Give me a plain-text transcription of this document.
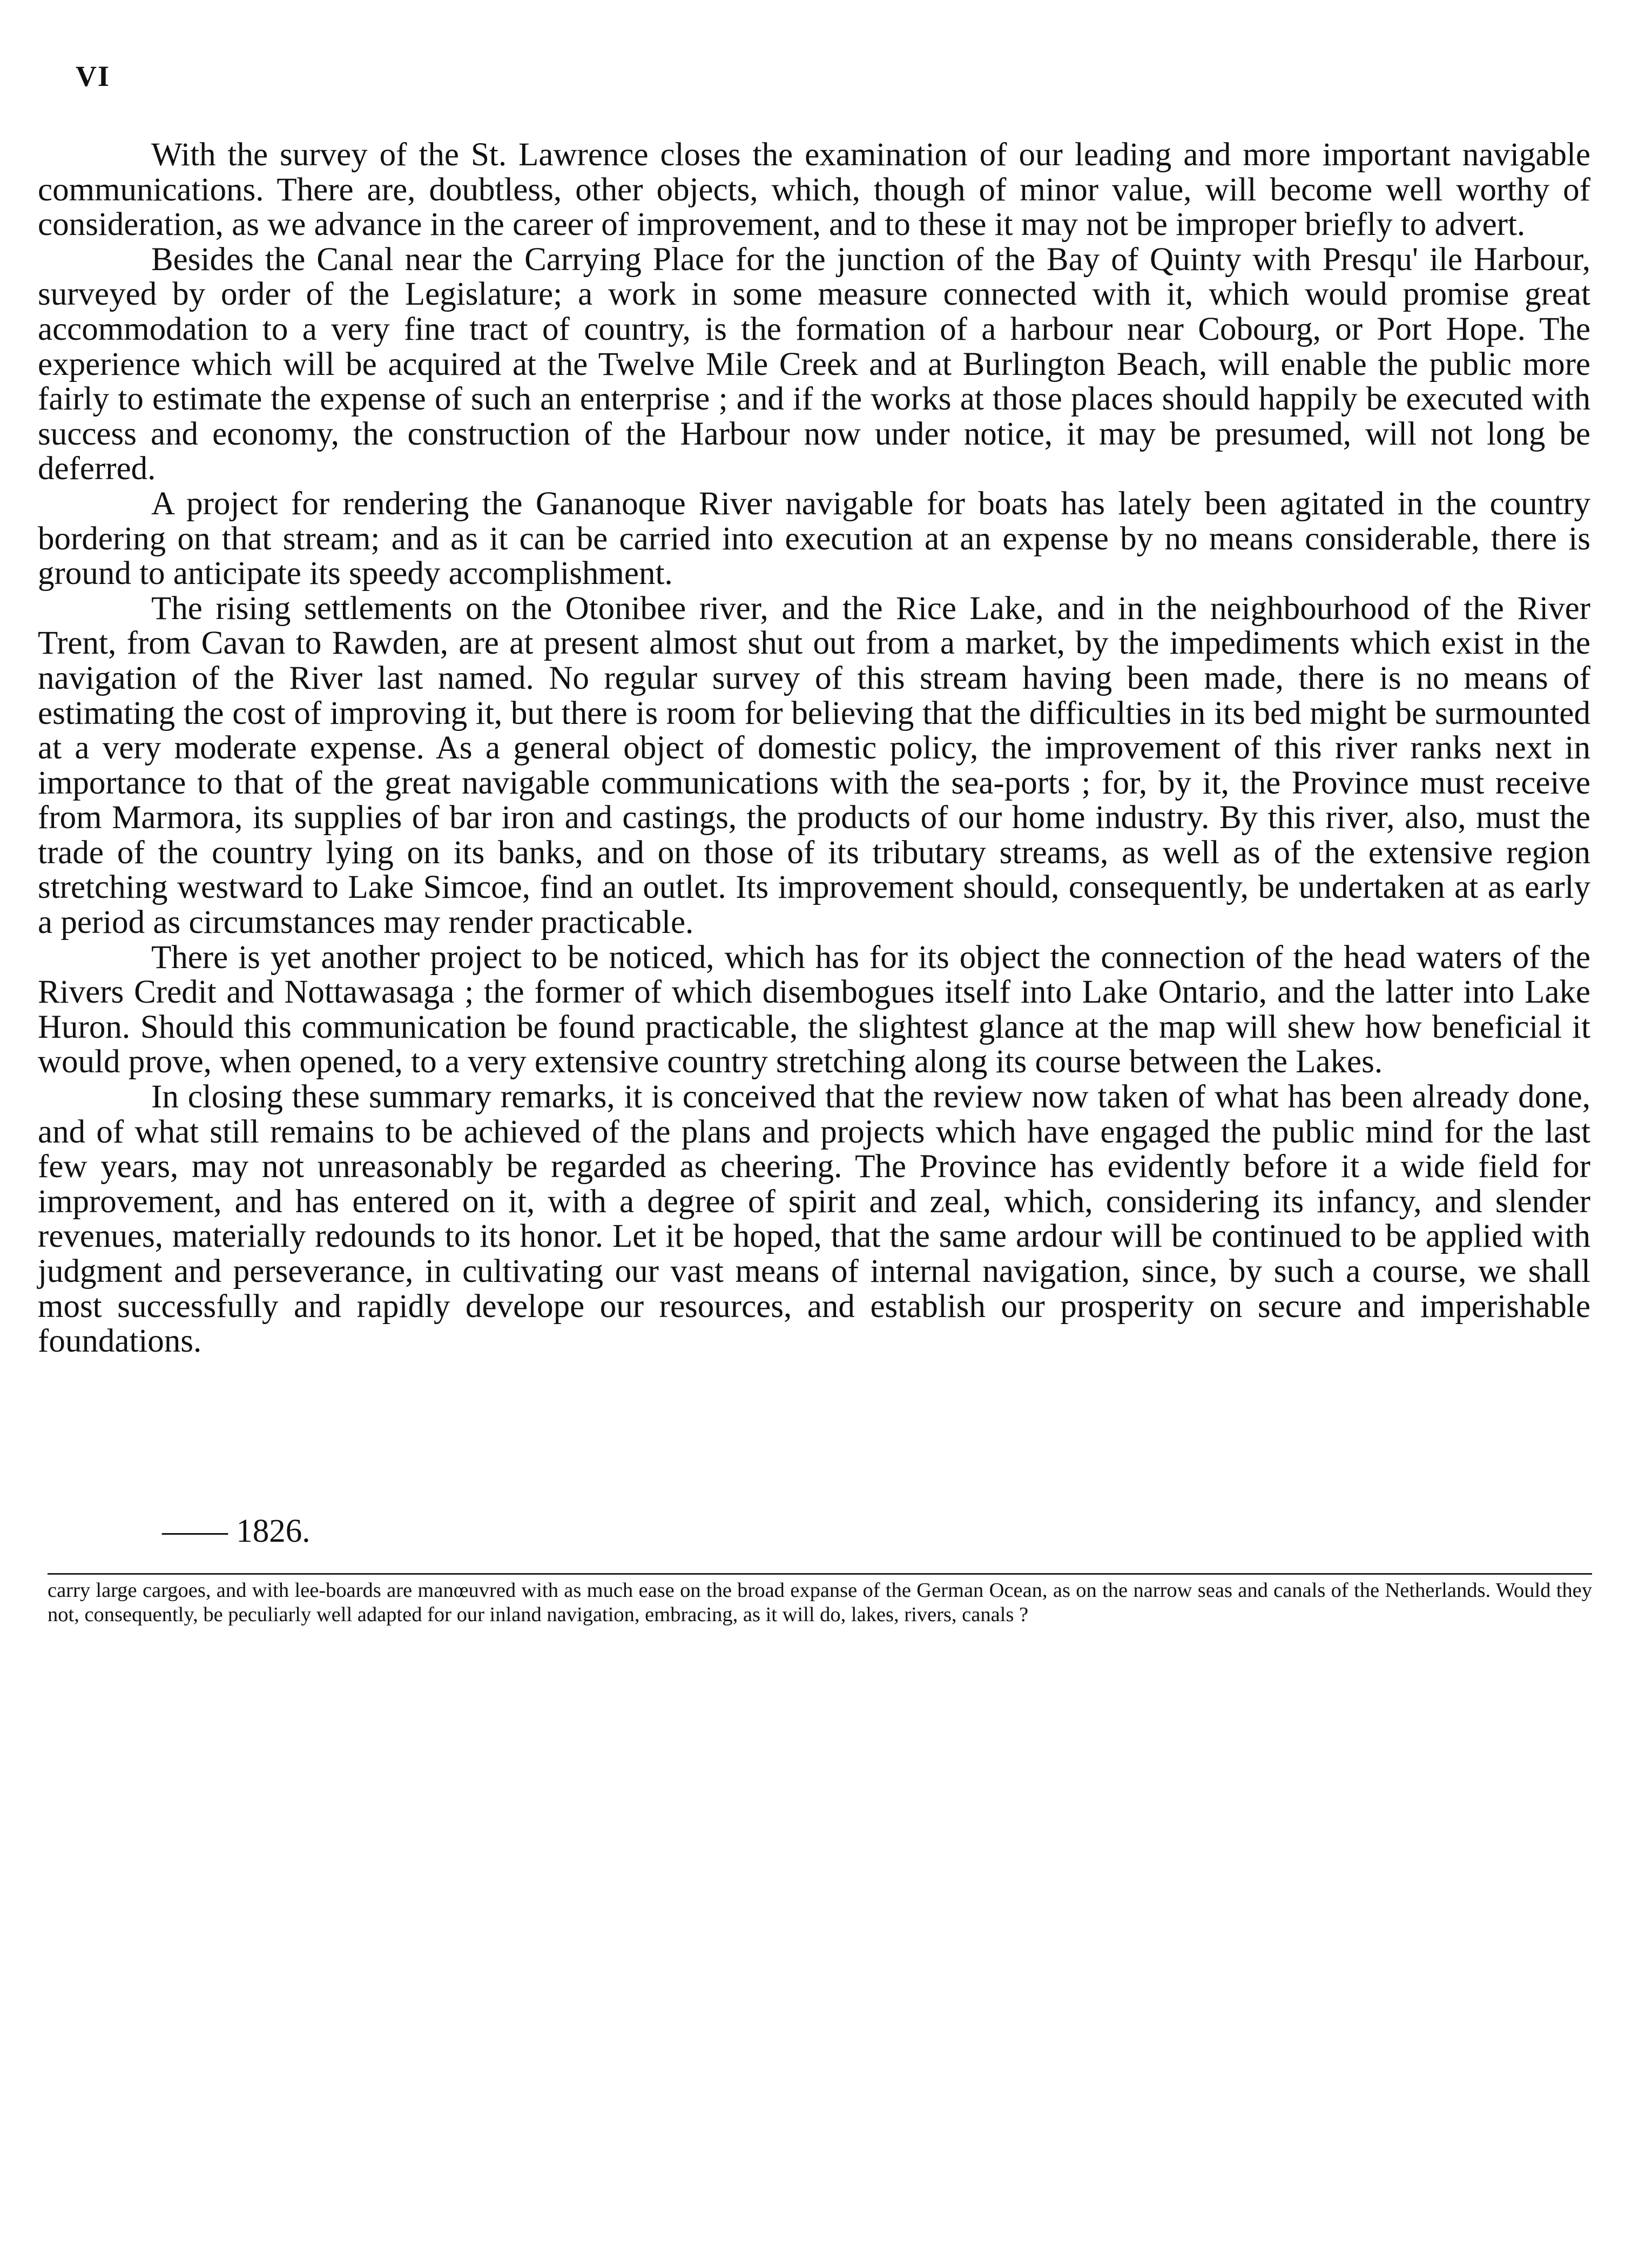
VI

With the survey of the St. Lawrence closes the examination of our leading and more important navigable communications. There are, doubtless, other objects, which, though of minor value, will become well worthy of consideration, as we advance in the career of improvement, and to these it may not be improper briefly to advert.

Besides the Canal near the Carrying Place for the junction of the Bay of Quinty with Presqu' ile Harbour, surveyed by order of the Legislature; a work in some measure connected with it, which would promise great accommodation to a very fine tract of country, is the formation of a harbour near Cobourg, or Port Hope. The experience which will be acquired at the Twelve Mile Creek and at Burlington Beach, will enable the public more fairly to estimate the expense of such an enterprise ; and if the works at those places should happily be executed with success and economy, the construction of the Harbour now under notice, it may be presumed, will not long be deferred.

A project for rendering the Gananoque River navigable for boats has lately been agitated in the country bordering on that stream; and as it can be carried into execution at an expense by no means considerable, there is ground to anticipate its speedy accomplishment.

The rising settlements on the Otonibee river, and the Rice Lake, and in the neighbourhood of the River Trent, from Cavan to Rawden, are at present almost shut out from a market, by the impediments which exist in the navigation of the River last named. No regular survey of this stream having been made, there is no means of estimating the cost of improving it, but there is room for believing that the difficulties in its bed might be surmounted at a very moderate expense. As a general object of domestic policy, the improvement of this river ranks next in importance to that of the great navigable communications with the sea-ports ; for, by it, the Province must receive from Marmora, its supplies of bar iron and castings, the products of our home industry. By this river, also, must the trade of the country lying on its banks, and on those of its tributary streams, as well as of the extensive region stretching westward to Lake Simcoe, find an outlet. Its improvement should, consequently, be undertaken at as early a period as circumstances may render practicable.

There is yet another project to be noticed, which has for its object the connection of the head waters of the Rivers Credit and Nottawasaga ; the former of which disembogues itself into Lake Ontario, and the latter into Lake Huron. Should this communication be found practicable, the slightest glance at the map will shew how beneficial it would prove, when opened, to a very extensive country stretching along its course between the Lakes.

In closing these summary remarks, it is conceived that the review now taken of what has been already done, and of what still remains to be achieved of the plans and projects which have engaged the public mind for the last few years, may not unreasonably be regarded as cheering. The Province has evidently before it a wide field for improvement, and has entered on it, with a degree of spirit and zeal, which, considering its infancy, and slender revenues, materially redounds to its honor. Let it be hoped, that the same ardour will be continued to be applied with judgment and perseverance, in cultivating our vast means of internal navigation, since, by such a course, we shall most successfully and rapidly develope our resources, and establish our prosperity on secure and imperishable foundations.

—— 1826.

carry large cargoes, and with lee-boards are manœuvred with as much ease on the broad expanse of the German Ocean, as on the narrow seas and canals of the Netherlands. Would they not, consequently, be peculiarly well adapted for our inland navigation, embracing, as it will do, lakes, rivers, canals ?
